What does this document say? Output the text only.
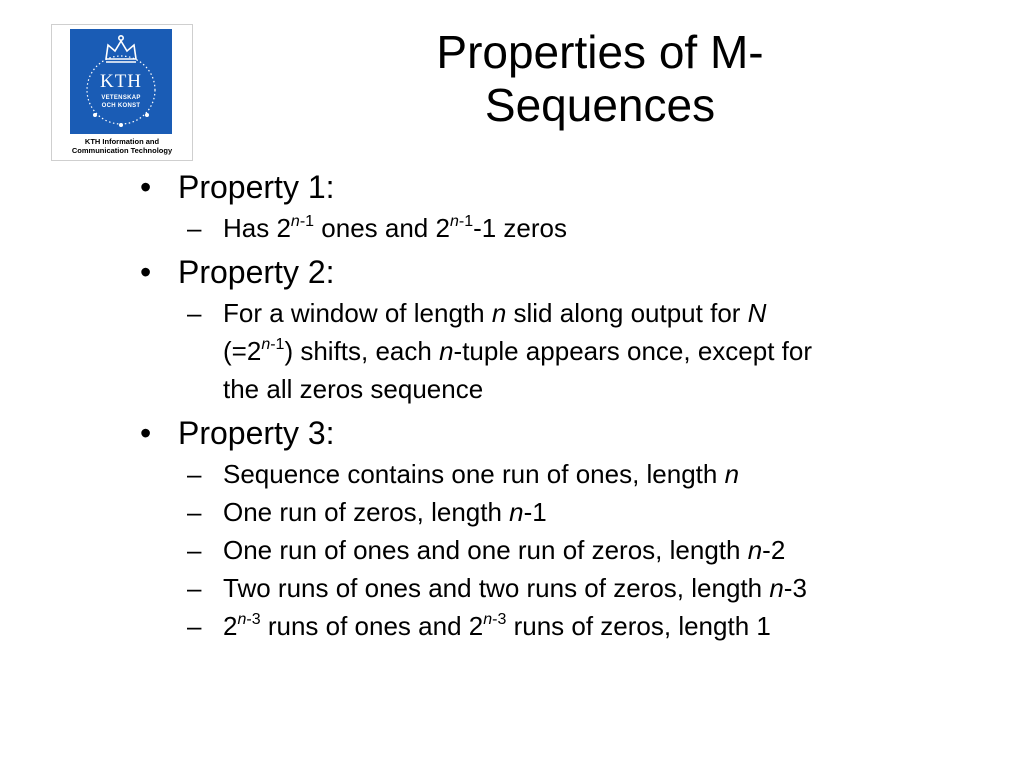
KTH
VETENSKAP
OCH KONST
KTH Information and
Communication Technology
Properties of M-
Sequences
• Property 1:
– Has 2$^{n-1}$ ones and 2$^{n-1}$-1 zeros
• Property 2:
– For a window of length n slid along output for N
$(=2^{n-1})$ shifts, each n-tuple appears once, except for
the all zeros sequence
• Property 3:
– Sequence contains one run of ones, length n
– One run of zeros, length n-1
– One run of ones and one run of zeros, length n-2
– Two runs of ones and two runs of zeros, length n-3
– 2$^{n-3}$ runs of ones and 2$^{n-3}$ runs of zeros, length 1
